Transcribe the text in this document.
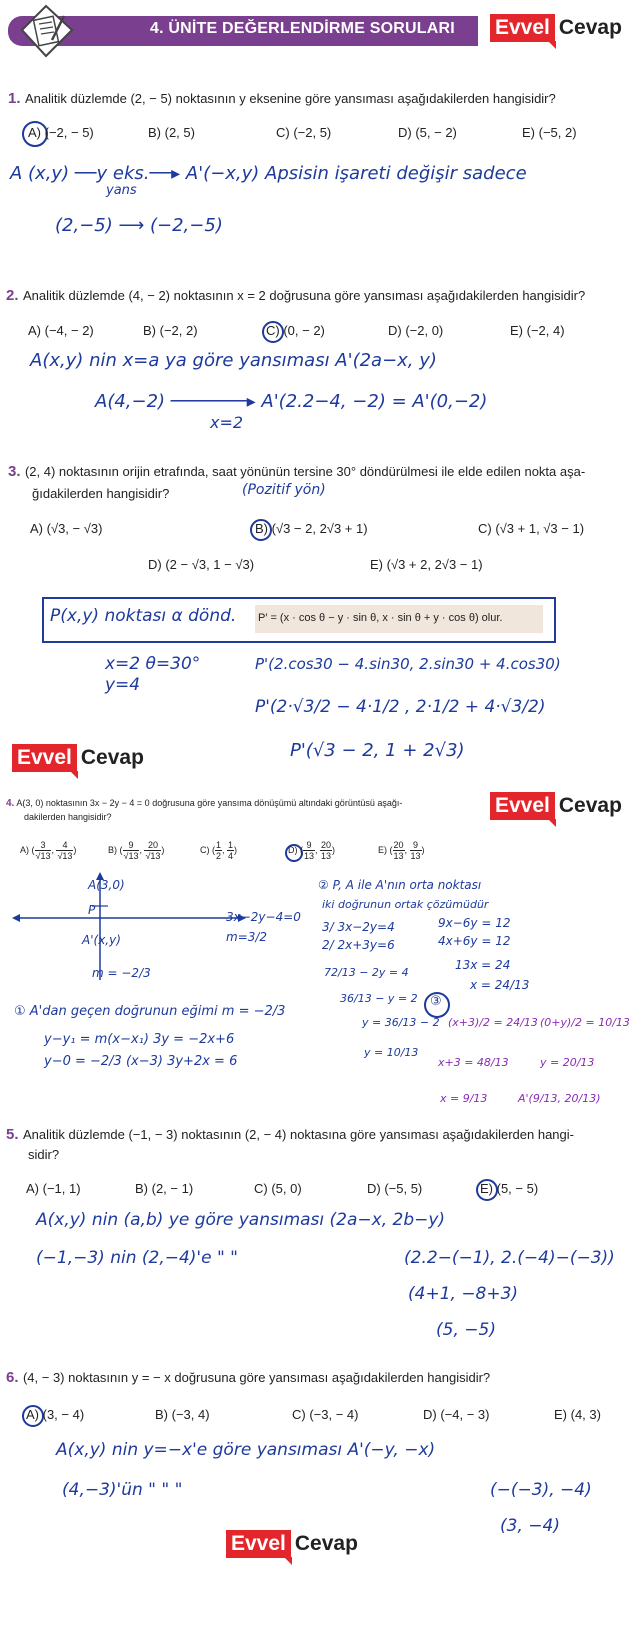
4. ÜNİTE DEĞERLENDİRME SORULARI Evvel Cevap
1. Analitik düzlemde (2, − 5) noktasının y eksenine göre yansıması aşağıdakilerden hangisidir?
A) (−2, − 5)	B) (2, 5)	C) (−2, 5)	D) (5, − 2)	E) (−5, 2)
A (x,y) ──y eks.──▸ A'(−x,y) Apsisin işareti değişir sadece
yans
(2,−5) ⟶ (−2,−5)
2. Analitik düzlemde (4, − 2) noktasının x = 2 doğrusuna göre yansıması aşağıdakilerden hangisidir?
A) (−4, − 2)	B) (−2, 2)	C) (0, − 2)	D) (−2, 0)	E) (−2, 4)
A(x,y) nin x=a ya göre yansıması A'(2a−x, y)
A(4,−2) ───────▸ A'(2.2−4, −2) = A'(0,−2)
x=2
3. (2, 4) noktasının orijin etrafında, saat yönünün tersine 30° döndürülmesi ile elde edilen nokta aşa-
ğıdakilerden hangisidir?	(Pozitif yön)
A) (√3, − √3)	B) (√3 − 2, 2√3 + 1)	C) (√3 + 1, √3 − 1)
D) (2 − √3, 1 − √3)	E) (√3 + 2, 2√3 − 1)
P(x,y) noktası α dönd. P′ = (x · cos θ − y · sin θ, x · sin θ + y · cos θ) olur.
x=2 θ=30°
y=4
P'(2.cos30 − 4.sin30, 2.sin30 + 4.cos30)
P'(2·√3/2 − 4·1/2 , 2·1/2 + 4·√3/2)
P'(√3 − 2, 1 + 2√3)
Evvel Cevap
4. A(3, 0) noktasının 3x − 2y − 4 = 0 doğrusuna göre yansıma dönüşümü altındaki görüntüsü aşağı-
dakilerden hangisidir?	Evvel Cevap
A) ( $\frac{3}{√13}$ , $\frac{4}{√13}$ )	B) ( $\frac{9}{√13}$ , $\frac{20}{√13}$ )	C) ( $\frac{1}{2}$ , $\frac{1}{4}$ )	D) ( $\frac{9}{13}$ , $\frac{20}{13}$ )	E) ( $\frac{20}{13}$ , $\frac{9}{13}$ )
A(3,0)
P
A'(x,y)
3x−2y−4=0
m=3/2
m = −2/3
① A'dan geçen doğrunun eğimi m = −2/3
y−y₁ = m(x−x₁) 3y = −2x+6
y−0 = −2/3 (x−3) 3y+2x = 6
② P, A ile A'nın orta noktası
iki doğrunun ortak çözümüdür
3/ 3x−2y=4
2/ 2x+3y=6
9x−6y = 12
4x+6y = 12
13x = 24
x = 24/13
72/13 − 2y = 4
36/13 − y = 2
y = 36/13 − 2
y = 10/13
③
(x+3)/2 = 24/13 (0+y)/2 = 10/13
x+3 = 48/13	y = 20/13
x = 9/13	A'(9/13, 20/13)
5. Analitik düzlemde (−1, − 3) noktasının (2, − 4) noktasına göre yansıması aşağıdakilerden hangi-
sidir?
A) (−1, 1)	B) (2, − 1)	C) (5, 0)	D) (−5, 5)	E) (5, − 5)
A(x,y) nin (a,b) ye göre yansıması (2a−x, 2b−y)
(−1,−3) nin (2,−4)'e " "	(2.2−(−1), 2.(−4)−(−3))
(4+1, −8+3)
(5, −5)
6. (4, − 3) noktasının y = − x doğrusuna göre yansıması aşağıdakilerden hangisidir?
A) (3, − 4)	B) (−3, 4)	C) (−3, − 4)	D) (−4, − 3)	E) (4, 3)
A(x,y) nin y=−x'e göre yansıması A'(−y, −x)
(4,−3)'ün " " "	(−(−3), −4)
(3, −4)
Evvel Cevap
